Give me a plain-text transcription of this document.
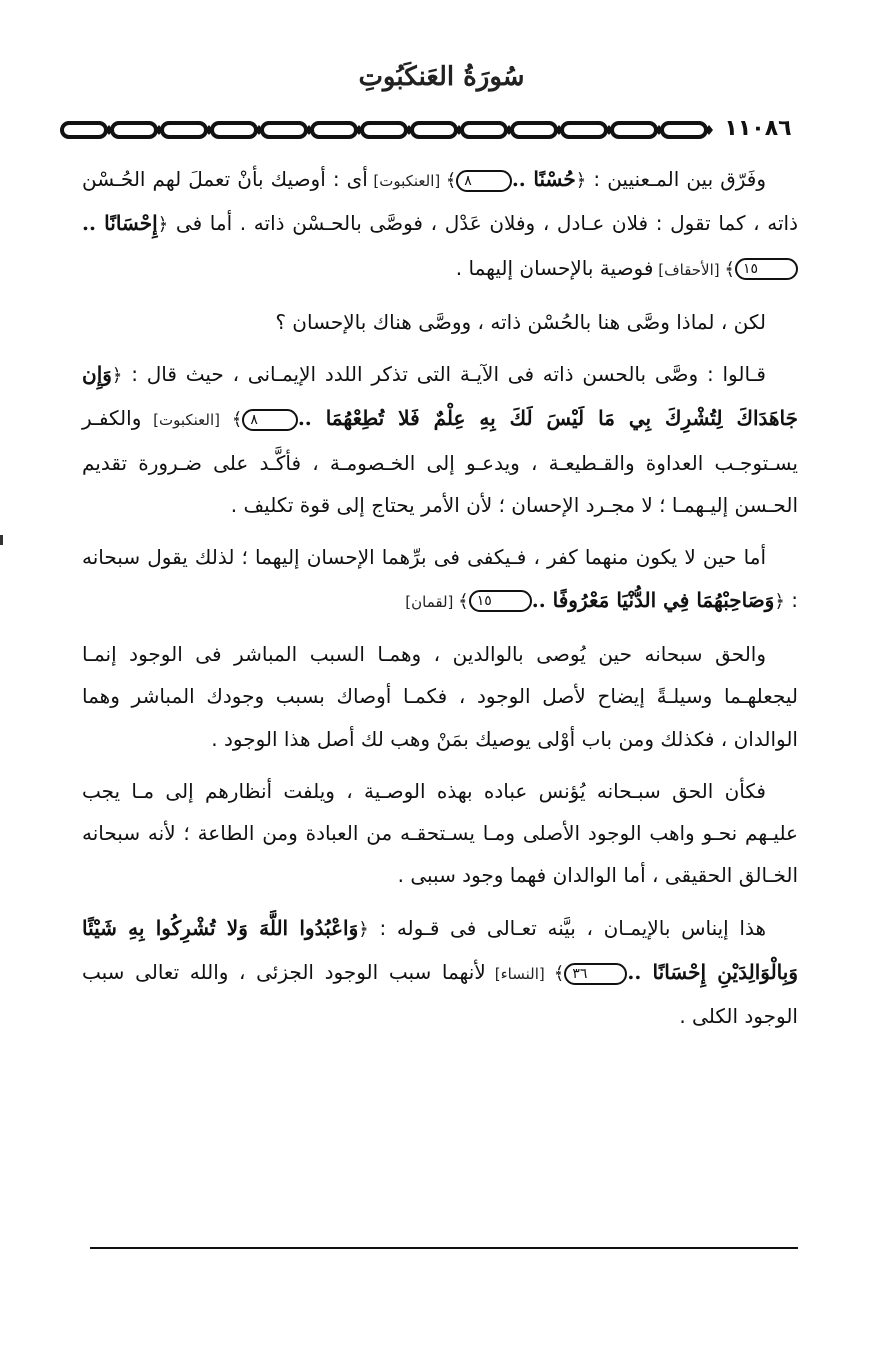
سُورَةُ العَنكَبُوتِ
١١٠٨٦

وفَرّق بين المـعنيين : ﴿حُسْنًا ..٨﴾ [العنكبوت] أى : أوصيك بأنْ تعملَ لهم الحُـسْن ذاته ، كما تقول : فلان عـادل ، وفلان عَدْل ، فوصَّى بالحـسْن ذاته . أما فى ﴿إِحْسَانًا ..١٥﴾ [الأحقاف] فوصية بالإحسان إليهما .

لكن ، لماذا وصَّى هنا بالحُسْن ذاته ، ووصَّى هناك بالإحسان ؟

قـالوا : وصَّى بالحسن ذاته فى الآيـة التى تذكر اللدد الإيمـانى ، حيث قال : ﴿وَإِن جَاهَدَاكَ لِتُشْرِكَ بِي مَا لَيْسَ لَكَ بِهِ عِلْمٌ فَلا تُطِعْهُمَا ..٨﴾ [العنكبوت] والكفـر يسـتوجـب العداوة والقـطيعـة ، ويدعـو إلى الخـصومـة ، فأكَّـد على ضـرورة تقديم الحـسن إليـهمـا ؛ لا مجـرد الإحسان ؛ لأن الأمر يحتاج إلى قوة تكليف .

أما حين لا يكون منهما كفر ، فـيكفى فى برِّهما الإحسان إليهما ؛ لذلك يقول سبحانه : ﴿وَصَاحِبْهُمَا فِي الدُّنْيَا مَعْرُوفًا ..١٥﴾ [لقمان]

والحق سبحانه حين يُوصى بالوالدين ، وهمـا السبب المباشر فى الوجود إنمـا ليجعلهـما وسيلـةً إيضاح لأصل الوجود ، فكمـا أوصاك بسبب وجودك المباشر وهما الوالدان ، فكذلك ومن باب أوْلى يوصيك بمَنْ وهب لك أصل هذا الوجود .

فكأن الحق سبـحانه يُؤنس عباده بهذه الوصـية ، ويلفت أنظارهم إلى مـا يجب عليـهم نحـو واهب الوجود الأصلى ومـا يسـتحقـه من العبادة ومن الطاعة ؛ لأنه سبحانه الخـالق الحقيقى ، أما الوالدان فهما وجود سببى .

هذا إيناس بالإيمـان ، بيَّنه تعـالى فى قـوله : ﴿وَاعْبُدُوا اللَّهَ وَلا تُشْرِكُوا بِهِ شَيْئًا وَبِالْوَالِدَيْنِ إِحْسَانًا ..٣٦﴾ [النساء] لأنهما سبب الوجود الجزئى ، والله تعالى سبب الوجود الكلى .
